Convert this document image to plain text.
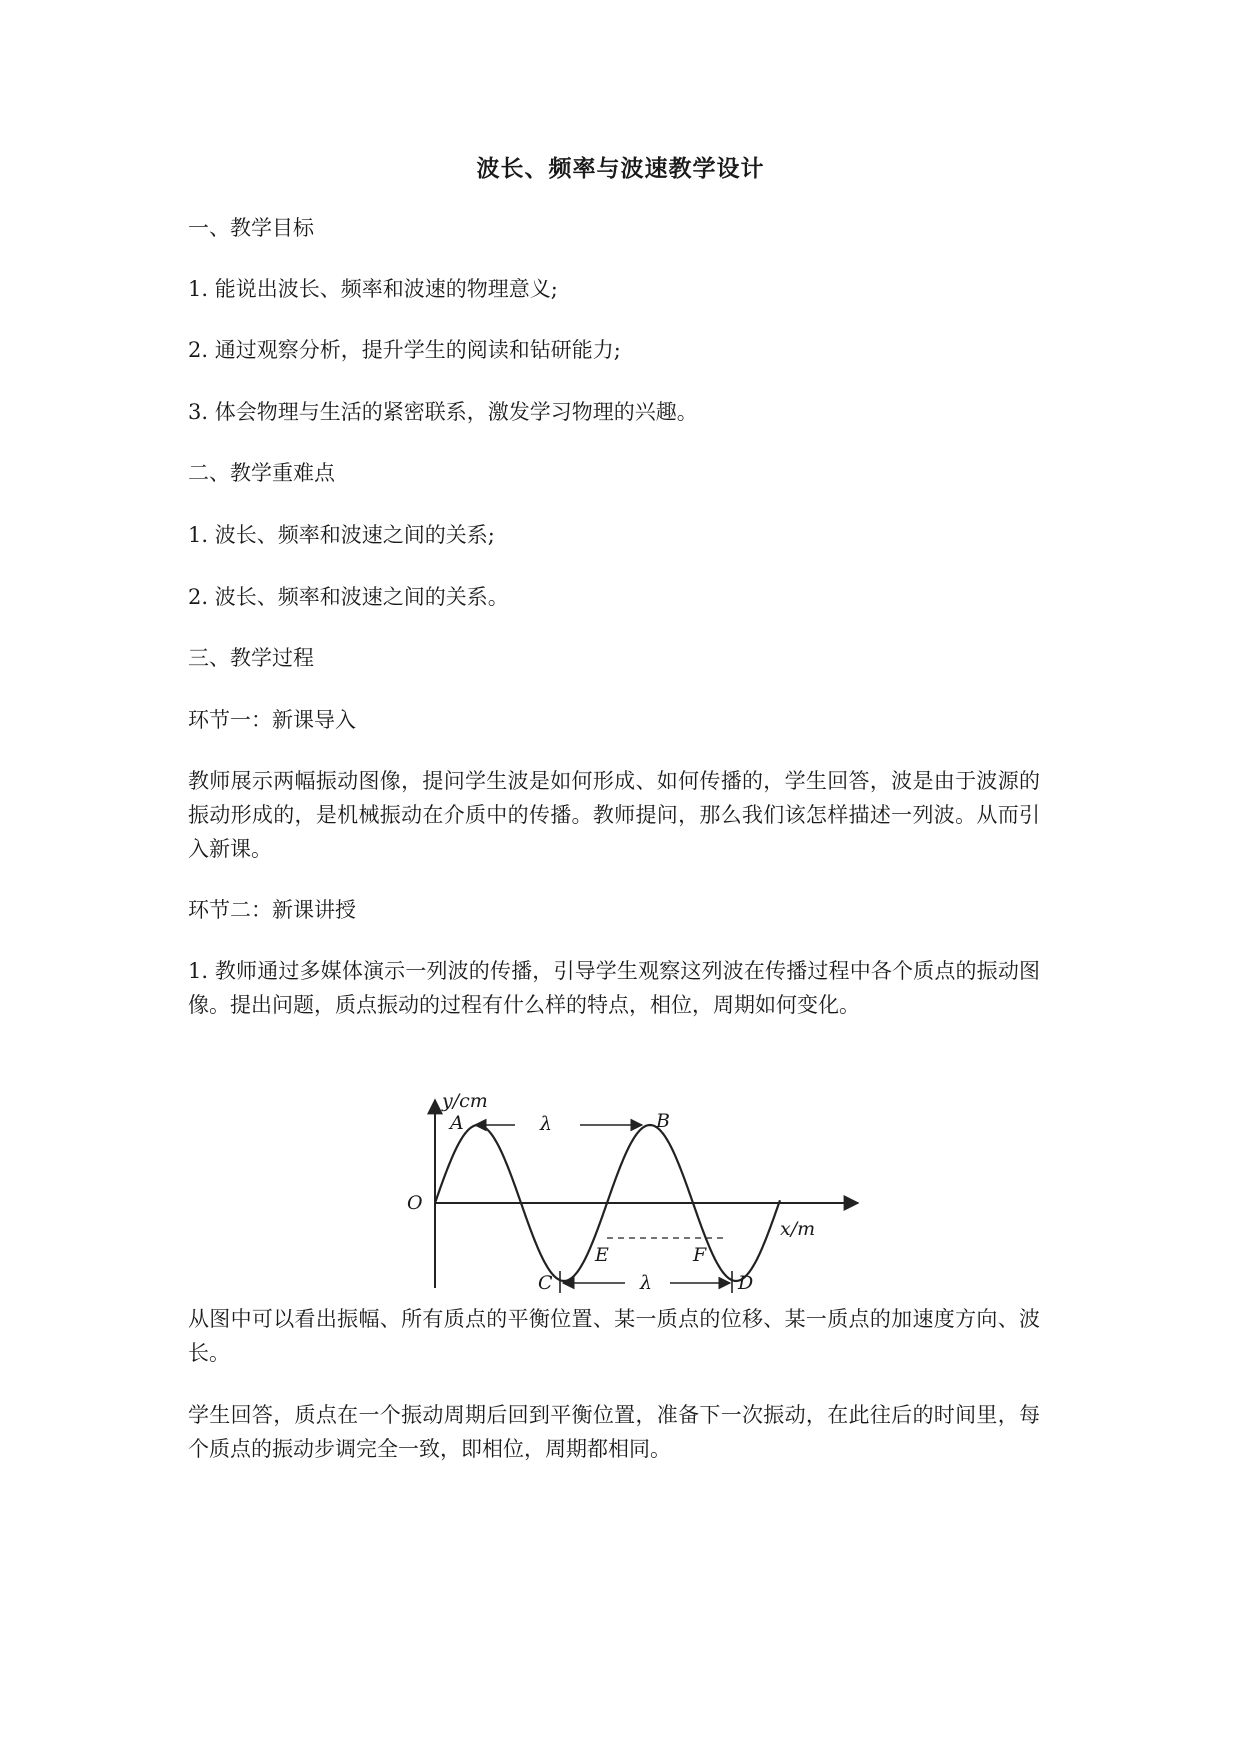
波长、频率与波速教学设计
一、教学目标
1. 能说出波长、频率和波速的物理意义;
2. 通过观察分析，提升学生的阅读和钻研能力;
3. 体会物理与生活的紧密联系，激发学习物理的兴趣。
二、教学重难点
1. 波长、频率和波速之间的关系;
2. 波长、频率和波速之间的关系。
三、教学过程
环节一：新课导入
教师展示两幅振动图像，提问学生波是如何形成、如何传播的，学生回答，波是由于波源的振动形成的，是机械振动在介质中的传播。教师提问，那么我们该怎样描述一列波。从而引入新课。
环节二：新课讲授
1. 教师通过多媒体演示一列波的传播，引导学生观察这列波在传播过程中各个质点的振动图像。提出问题，质点振动的过程有什么样的特点，相位，周期如何变化。
y/cm
x/m
O
A	B
C	D
E	F
λ
λ
从图中可以看出振幅、所有质点的平衡位置、某一质点的位移、某一质点的加速度方向、波长。
学生回答，质点在一个振动周期后回到平衡位置，准备下一次振动，在此往后的时间里，每个质点的振动步调完全一致，即相位，周期都相同。
